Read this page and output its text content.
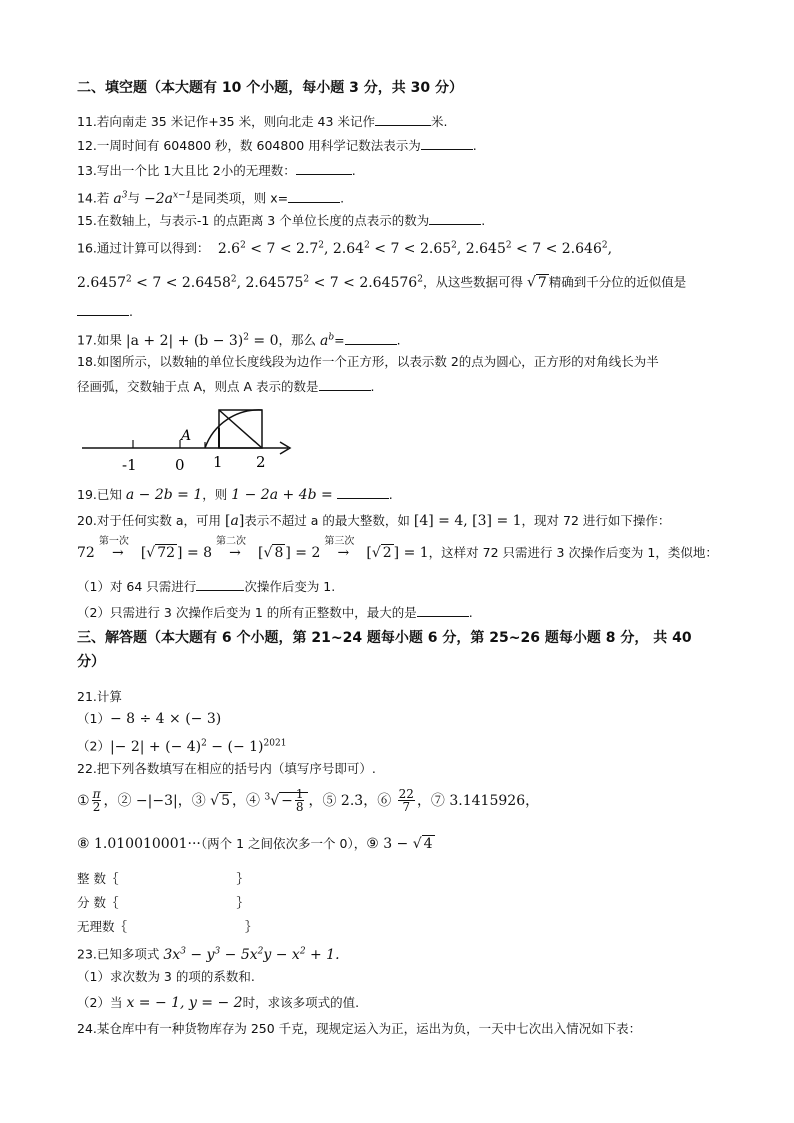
二、填空题（本大题有 10 个小题，每小题 3 分，共 30 分）
11.若向南走 35 米记作+35 米，则向北走 43 米记作	米.
12.一周时间有 604800 秒，数 604800 用科学记数法表示为	.
13.写出一个比 1大且比 2小的无理数：	.
14.若 $a^3$与 $-2a^{x-1}$是同类项，则 x=	.
15.在数轴上，与表示-1 的点距离 3 个单位长度的点表示的数为	.
16.通过计算可以得到：  $2.6^2 < 7 < 2.7^2$, $2.64^2 < 7 < 2.65^2$, $2.645^2 < 7 < 2.646^2$,
$2.6457^2 < 7 < 2.6458^2$, $2.64575^2 < 7 < 2.64576^2$，从这些数据可得 √ 7 精确到千分位的近似值是
.
17.如果 $|a + 2| + (b - 3)^2 = 0$，那么 $a^b=$	.
18.如图所示，以数轴的单位长度线段为边作一个正方形，以表示数 2的点为圆心，正方形的对角线长为半
径画弧，交数轴于点 A，则点 A 表示的数是	.
A
-1	0 1 2
19.已知 a − 2b = 1，则 1 − 2a + 4b =	.
20.对于任何实数 a，可用 [a]表示不超过 a 的最大整数，如 [4] = 4, [3] = 1，现对 72 进行如下操作：
72
第一次
→ [√ 72 ] = 8
第二次
→ [√ 8 ] = 2
第三次
→ [√ 2 ] = 1，这样对 72 只需进行 3 次操作后变为 1，类似地：
（1）对 64 只需进行	次操作后变为 1.
（2）只需进行 3 次操作后变为 1 的所有正整数中，最大的是	.
三、解答题（本大题有 6 个小题，第 21~24 题每小题 6 分，第 25~26 题每小题 8 分， 共 40
分）
21.计算
（1）− 8 ÷ 4 × (− 3)
（2）|− 2| + (− 4)$^2$ − (− 1)$^{2021}$
22.把下列各数填写在相应的括号内（填写序号即可）.
① $\frac{\pi}{2}$ ，② −|−3|，③ √ 5 ，④ $^3√ - \frac{1}{8}$ ，⑤ 2.3̇，⑥ $\frac{22}{7}$ ，⑦ 3.1415926，
⑧ 1.010010001···（两个 1 之间依次多一个 0），⑨ 3 − √ 4
整 数｛	｝
分 数｛	｝
无理数｛	｝
23.已知多项式 $3x^3 - y^3 - 5x^2y - x^2 + 1$.
（1）求次数为 3 的项的系数和.
（2）当 x = − 1, y = − 2时，求该多项式的值.
24.某仓库中有一种货物库存为 250 千克，现规定运入为正，运出为负，一天中七次出入情况如下表：
